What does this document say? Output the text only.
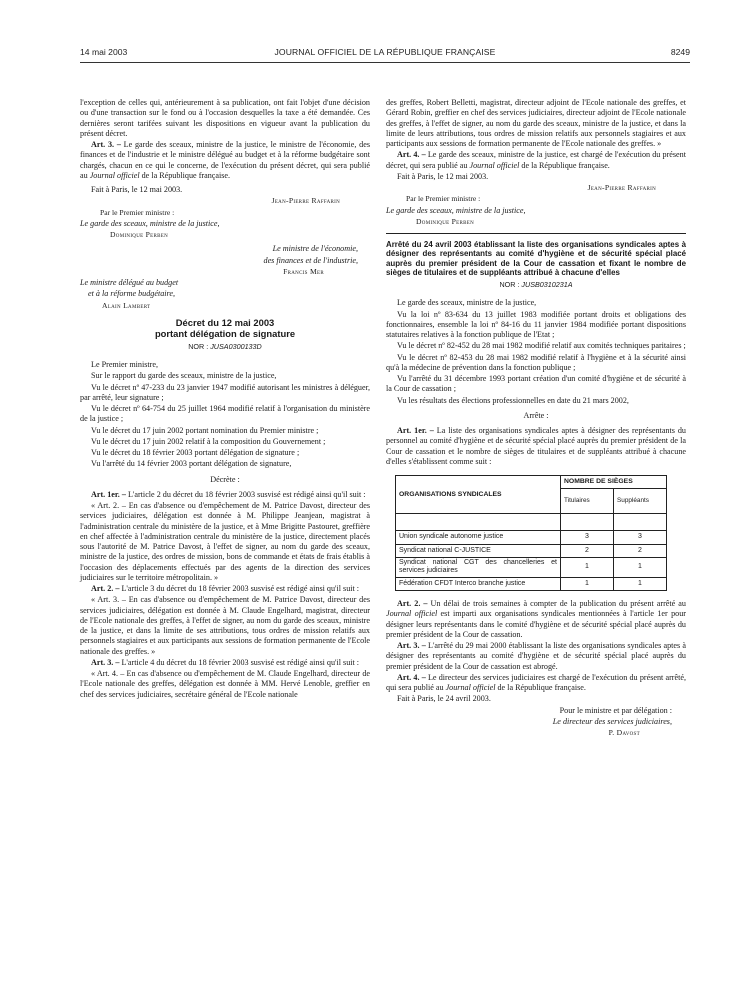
14 mai 2003	JOURNAL OFFICIEL DE LA RÉPUBLIQUE FRANÇAISE	8249

l'exception de celles qui, antérieurement à sa publication, ont fait l'objet d'une décision ou d'une transaction sur le fond ou à l'occasion desquelles la taxe a été demandée. Ces dernières seront tarifées suivant les dispositions en vigueur avant la publication du présent décret.

Art. 3. – Le garde des sceaux, ministre de la justice, le ministre de l'économie, des finances et de l'industrie et le ministre délégué au budget et à la réforme budgétaire sont chargés, chacun en ce qui le concerne, de l'exécution du présent décret, qui sera publié au Journal officiel de la République française.

Fait à Paris, le 12 mai 2003.

Jean-Pierre Raffarin

Par le Premier ministre :

Le garde des sceaux, ministre de la justice,

Dominique Perben

Le ministre de l'économie,

des finances et de l'industrie,

Francis Mer

Le ministre délégué au budget

et à la réforme budgétaire,

Alain Lambert

Décret du 12 mai 2003
portant délégation de signature
NOR : JUSA0300133D

Le Premier ministre,

Sur le rapport du garde des sceaux, ministre de la justice,

Vu le décret nº 47-233 du 23 janvier 1947 modifié autorisant les ministres à déléguer, par arrêté, leur signature ;

Vu le décret nº 64-754 du 25 juillet 1964 modifié relatif à l'organisation du ministère de la justice ;

Vu le décret du 17 juin 2002 portant nomination du Premier ministre ;

Vu le décret du 17 juin 2002 relatif à la composition du Gouvernement ;

Vu le décret du 18 février 2003 portant délégation de signature ;

Vu l'arrêté du 14 février 2003 portant délégation de signature,

Décrète :

Art. 1er. – L'article 2 du décret du 18 février 2003 susvisé est rédigé ainsi qu'il suit :

« Art. 2. – En cas d'absence ou d'empêchement de M. Patrice Davost, directeur des services judiciaires, délégation est donnée à M. Philippe Jeanjean, magistrat à l'administration centrale du ministère de la justice, et à Mme Brigitte Pastouret, greffière en chef affectée à l'administration centrale du ministère de la justice, directement placés sous l'autorité de M. Patrice Davost, à l'effet de signer, au nom du garde des sceaux, ministre de la justice, des ordres de mission, bons de commande et états de frais établis à l'occasion des déplacements effectués par des agents de la direction des services judiciaires sur le territoire métropolitain. »

Art. 2. – L'article 3 du décret du 18 février 2003 susvisé est rédigé ainsi qu'il suit :

« Art. 3. – En cas d'absence ou d'empêchement de M. Patrice Davost, directeur des services judiciaires, délégation est donnée à M. Claude Engelhard, magistrat, directeur de l'Ecole nationale des greffes, à l'effet de signer, au nom du garde des sceaux, ministre de la justice, et dans la limite de ses attributions, tous ordres de mission relatifs aux personnels stagiaires et aux participants aux sessions de formation permanente de l'Ecole nationale des greffes. »

Art. 3. – L'article 4 du décret du 18 février 2003 susvisé est rédigé ainsi qu'il suit :

« Art. 4. – En cas d'absence ou d'empêchement de M. Claude Engelhard, directeur de l'Ecole nationale des greffes, délégation est donnée à MM. Hervé Lenoble, greffier en chef des services judiciaires, secrétaire général de l'Ecole nationale

des greffes, Robert Belletti, magistrat, directeur adjoint de l'Ecole nationale des greffes, et Gérard Robin, greffier en chef des services judiciaires, directeur adjoint de l'Ecole nationale des greffes, à l'effet de signer, au nom du garde des sceaux, ministre de la justice, et dans la limite de leurs attributions, tous ordres de mission relatifs aux personnels stagiaires et aux participants aux sessions de formation permanente de l'Ecole nationale des greffes. »

Art. 4. – Le garde des sceaux, ministre de la justice, est chargé de l'exécution du présent décret, qui sera publié au Journal officiel de la République française.

Fait à Paris, le 12 mai 2003.

Jean-Pierre Raffarin

Par le Premier ministre :

Le garde des sceaux, ministre de la justice,

Dominique Perben

Arrêté du 24 avril 2003 établissant la liste des organisations syndicales aptes à désigner des représentants au comité d'hygiène et de sécurité spécial placé auprès du premier président de la Cour de cassation et fixant le nombre de sièges de titulaires et de suppléants attribué à chacune d'elles
NOR : JUSB0310231A

Le garde des sceaux, ministre de la justice,

Vu la loi nº 83-634 du 13 juillet 1983 modifiée portant droits et obligations des fonctionnaires, ensemble la loi nº 84-16 du 11 janvier 1984 modifiée portant dispositions statutaires relatives à la fonction publique de l'Etat ;

Vu le décret nº 82-452 du 28 mai 1982 modifié relatif aux comités techniques paritaires ;

Vu le décret nº 82-453 du 28 mai 1982 modifié relatif à l'hygiène et à la sécurité ainsi qu'à la médecine de prévention dans la fonction publique ;

Vu l'arrêté du 31 décembre 1993 portant création d'un comité d'hygiène et de sécurité à la Cour de cassation ;

Vu les résultats des élections professionnelles en date du 21 mars 2002,

Arrête :

Art. 1er. – La liste des organisations syndicales aptes à désigner des représentants du personnel au comité d'hygiène et de sécurité spécial placé auprès du premier président de la Cour de cassation et le nombre de sièges de titulaires et de suppléants attribué à chacune d'elles s'établissent comme suit :

ORGANISATIONS SYNDICALES	NOMBRE DE SIÈGES	
	Titulaires	Suppléants

Union syndicale autonome justice	3	3
Syndicat national C-JUSTICE	2	2
Syndicat national CGT des chancelleries et services judiciaires	1	1
Fédération CFDT Interco branche justice	1	1

Art. 2. – Un délai de trois semaines à compter de la publication du présent arrêté au Journal officiel est imparti aux organisations syndicales mentionnées à l'article 1er pour désigner leurs représentants dans le comité d'hygiène et de sécurité spécial placé auprès du premier président de la Cour de cassation.

Art. 3. – L'arrêté du 29 mai 2000 établissant la liste des organisations syndicales aptes à désigner des représentants au comité d'hygiène et de sécurité spécial placé auprès du premier président de la Cour de cassation est abrogé.

Art. 4. – Le directeur des services judiciaires est chargé de l'exécution du présent arrêté, qui sera publié au Journal officiel de la République française.

Fait à Paris, le 24 avril 2003.

Pour le ministre et par délégation :

Le directeur des services judiciaires,

P. Davost
